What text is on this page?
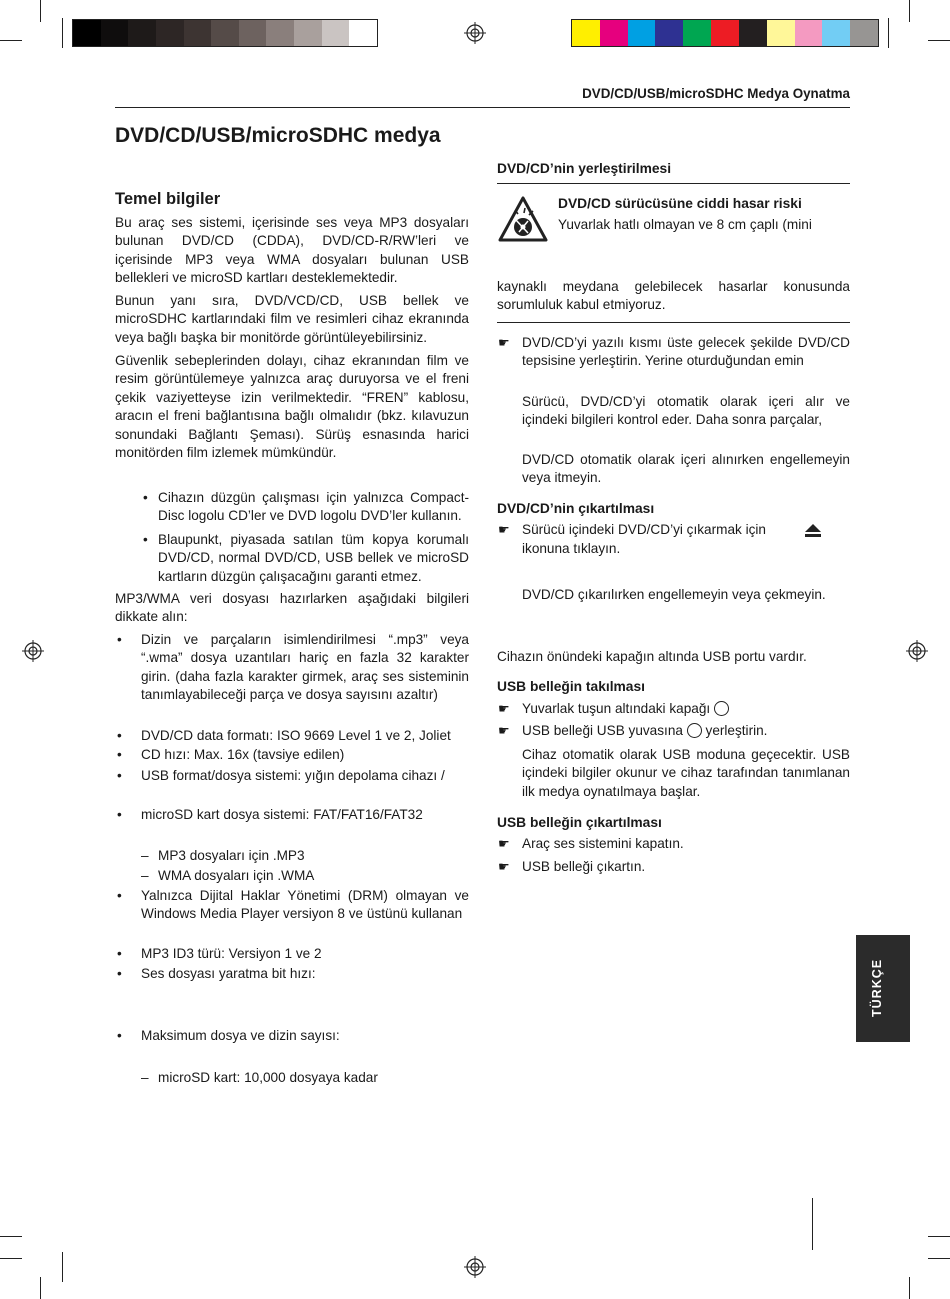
DVD/CD/USB/microSDHC Medya Oynatma
DVD/CD/USB/microSDHC medya
Temel bilgiler
Bu araç ses sistemi, içerisinde ses veya MP3 dosyaları bulunan DVD/CD (CDDA), DVD/CD-R/RW’leri ve içerisinde MP3 veya WMA dosyaları bulunan USB bellekleri ve microSD kartları desteklemektedir.
Bunun yanı sıra, DVD/VCD/CD, USB bellek ve microSDHC kartlarındaki film ve resimleri cihaz ekranında veya bağlı başka bir monitörde görüntüleyebilirsiniz.
Güvenlik sebeplerinden dolayı, cihaz ekranından film ve resim görüntülemeye yalnızca araç duruyorsa ve el freni çekik vaziyetteyse izin verilmektedir. “FREN” kablosu, aracın el freni bağlantısına bağlı olmalıdır (bkz. kılavuzun sonundaki Bağlantı Şeması). Sürüş esnasında harici monitörden film izlemek mümkündür.
• Cihazın düzgün çalışması için yalnızca Compact-Disc logolu CD’ler ve DVD logolu DVD’ler kullanın.
• Blaupunkt, piyasada satılan tüm kopya korumalı DVD/CD, normal DVD/CD, USB bellek ve microSD kartların düzgün çalışacağını garanti etmez.
MP3/WMA veri dosyası hazırlarken aşağıdaki bilgileri dikkate alın:
• Dizin ve parçaların isimlendirilmesi “.mp3” veya “.wma” dosya uzantıları hariç en fazla 32 karakter girin. (daha fazla karakter girmek, araç ses sisteminin tanımlayabileceği parça ve dosya sayısını azaltır)
• DVD/CD data formatı: ISO 9669 Level 1 ve 2, Joliet
• CD hızı: Max. 16x (tavsiye edilen)
• USB format/dosya sistemi: yığın depolama cihazı /
• microSD kart dosya sistemi: FAT/FAT16/FAT32
– MP3 dosyaları için .MP3
– WMA dosyaları için .WMA
• Yalnızca Dijital Haklar Yönetimi (DRM) olmayan ve Windows Media Player versiyon 8 ve üstünü kullanan
• MP3 ID3 türü: Versiyon 1 ve 2
• Ses dosyası yaratma bit hızı:
• Maksimum dosya ve dizin sayısı:
– microSD kart: 10,000 dosyaya kadar
DVD/CD’nin yerleştirilmesi
DVD/CD sürücüsüne ciddi hasar riski
Yuvarlak hatlı olmayan ve 8 cm çaplı (mini
kaynaklı meydana gelebilecek hasarlar konusunda sorumluluk kabul etmiyoruz.
☛ DVD/CD’yi yazılı kısmı üste gelecek şekilde DVD/CD tepsisine yerleştirin. Yerine oturduğundan emin
Sürücü, DVD/CD’yi otomatik olarak içeri alır ve içindeki bilgileri kontrol eder. Daha sonra parçalar,
DVD/CD otomatik olarak içeri alınırken engellemeyin veya itmeyin.
DVD/CD’nin çıkartılması
☛ Sürücü içindeki DVD/CD’yi çıkarmak için
ikonuna tıklayın.
DVD/CD çıkarılırken engellemeyin veya çekmeyin.
Cihazın önündeki kapağın altında USB portu vardır.
USB belleğin takılması
☛ Yuvarlak tuşun altındaki kapağı
☛ USB belleği USB yuvasına yerleştirin.
Cihaz otomatik olarak USB moduna geçecektir. USB içindeki bilgiler okunur ve cihaz tarafından tanımlanan ilk medya oynatılmaya başlar.
USB belleğin çıkartılması
☛ Araç ses sistemini kapatın.
☛ USB belleği çıkartın.
TÜRKÇE
